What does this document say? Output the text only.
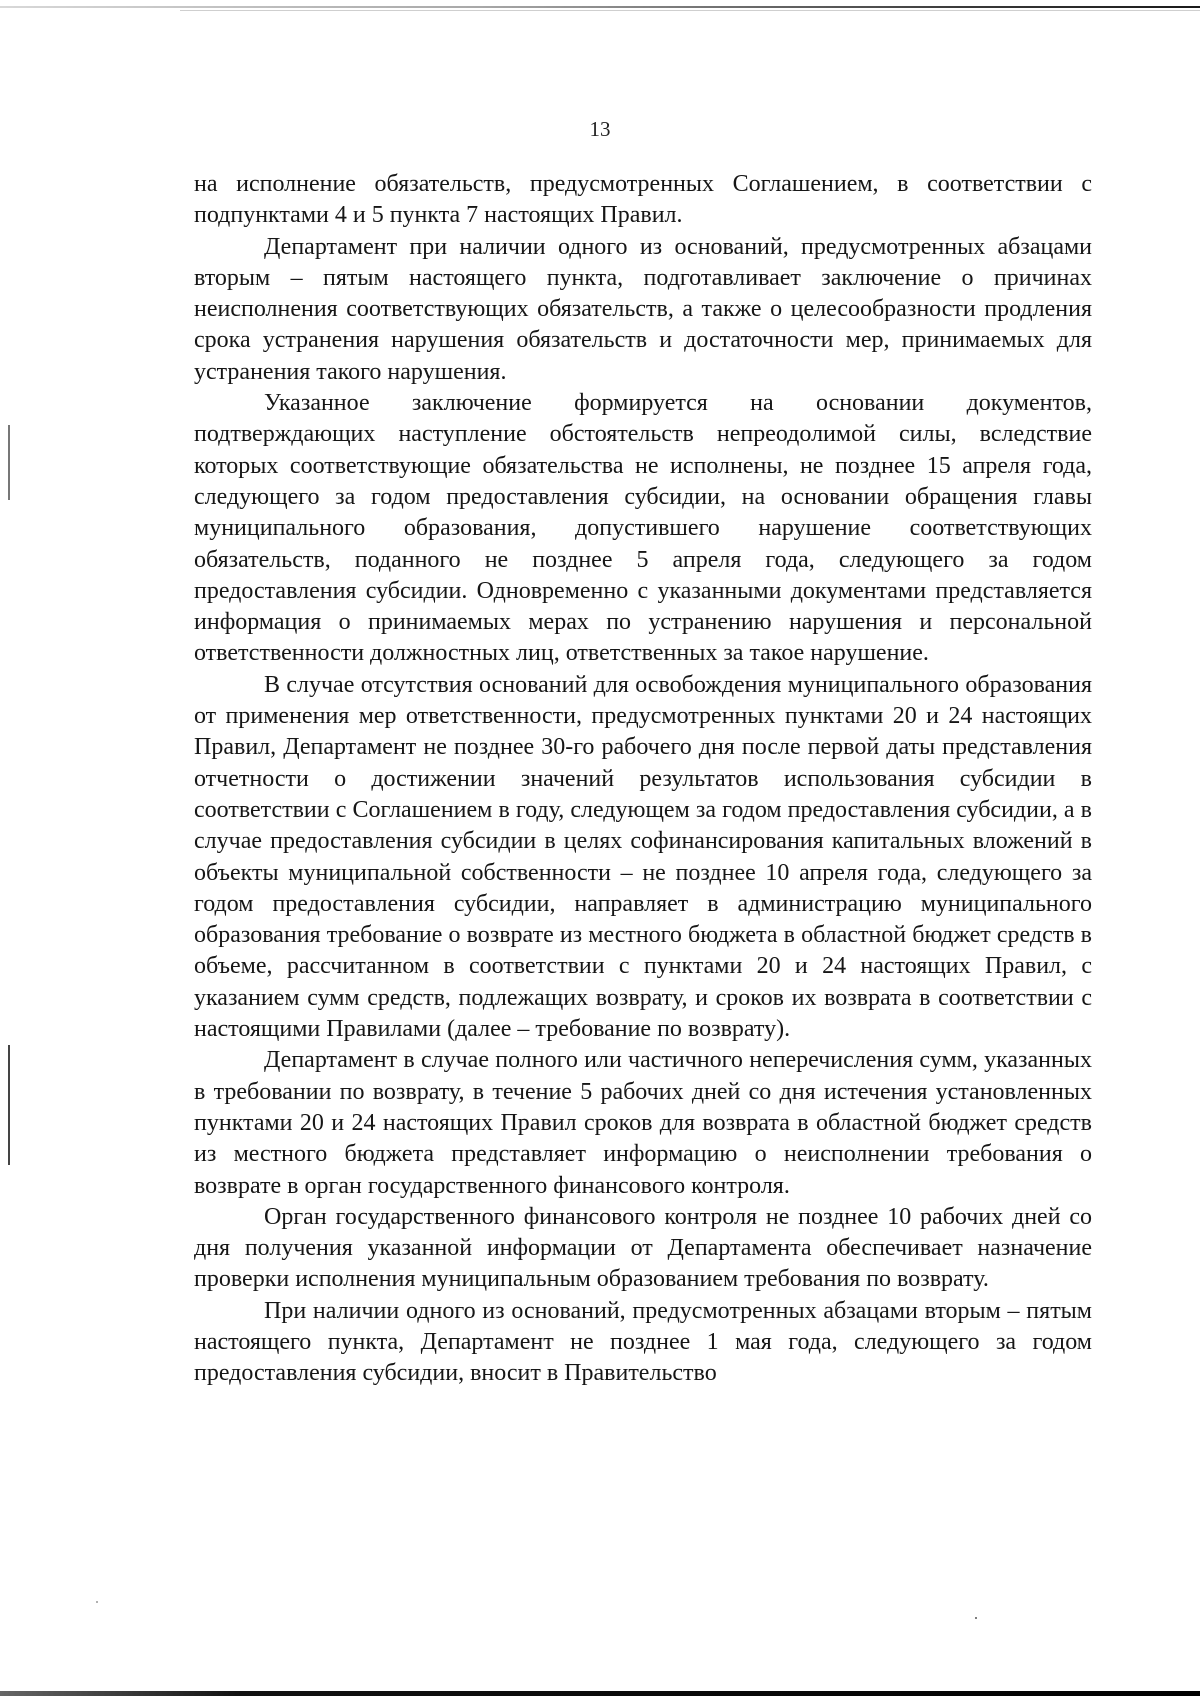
13

на исполнение обязательств, предусмотренных Соглашением, в соответствии с подпунктами 4 и 5 пункта 7 настоящих Правил.

Департамент при наличии одного из оснований, предусмотренных абзацами вторым – пятым настоящего пункта, подготавливает заключение о причинах неисполнения соответствующих обязательств, а также о целесообразности продления срока устранения нарушения обязательств и достаточности мер, принимаемых для устранения такого нарушения.

Указанное заключение формируется на основании документов, подтверждающих наступление обстоятельств непреодолимой силы, вследствие которых соответствующие обязательства не исполнены, не позднее 15 апреля года, следующего за годом предоставления субсидии, на основании обращения главы муниципального образования, допустившего нарушение соответствующих обязательств, поданного не позднее 5 апреля года, следующего за годом предоставления субсидии. Одновременно с указанными документами представляется информация о принимаемых мерах по устранению нарушения и персональной ответственности должностных лиц, ответственных за такое нарушение.

В случае отсутствия оснований для освобождения муниципального образования от применения мер ответственности, предусмотренных пунктами 20 и 24 настоящих Правил, Департамент не позднее 30-го рабочего дня после первой даты представления отчетности о достижении значений результатов использования субсидии в соответствии с Соглашением в году, следующем за годом предоставления субсидии, а в случае предоставления субсидии в целях софинансирования капитальных вложений в объекты муниципальной собственности – не позднее 10 апреля года, следующего за годом предоставления субсидии, направляет в администрацию муниципального образования требование о возврате из местного бюджета в областной бюджет средств в объеме, рассчитанном в соответствии с пунктами 20 и 24 настоящих Правил, с указанием сумм средств, подлежащих возврату, и сроков их возврата в соответствии с настоящими Правилами (далее – требование по возврату).

Департамент в случае полного или частичного неперечисления сумм, указанных в требовании по возврату, в течение 5 рабочих дней со дня истечения установленных пунктами 20 и 24 настоящих Правил сроков для возврата в областной бюджет средств из местного бюджета представляет информацию о неисполнении требования о возврате в орган государственного финансового контроля.

Орган государственного финансового контроля не позднее 10 рабочих дней со дня получения указанной информации от Департамента обеспечивает назначение проверки исполнения муниципальным образованием требования по возврату.

При наличии одного из оснований, предусмотренных абзацами вторым – пятым настоящего пункта, Департамент не позднее 1 мая года, следующего за годом предоставления субсидии, вносит в Правительство
